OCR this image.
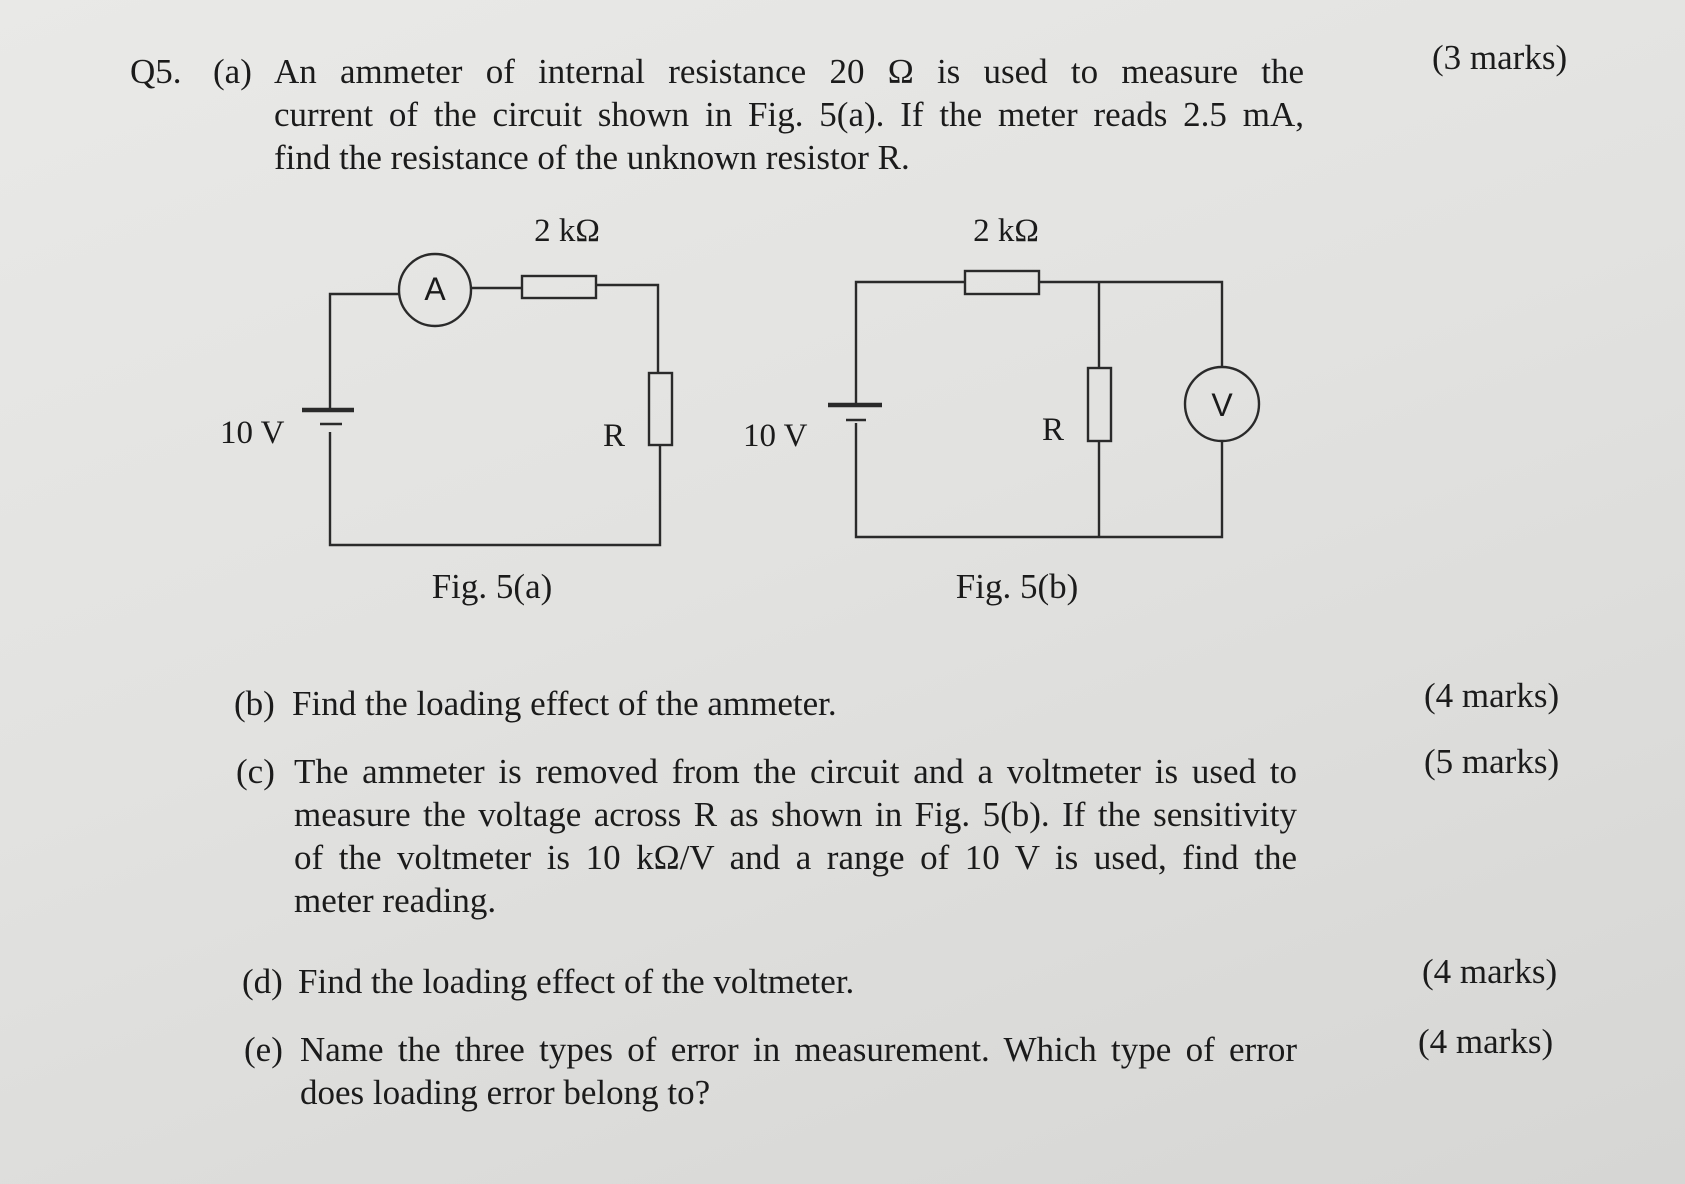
Q5. (a) An ammeter of internal resistance 20 Ω is used to measure the
current of the circuit shown in Fig. 5(a). If the meter reads 2.5 mA,
find the resistance of the unknown resistor R.
(3 marks)
A
2 kΩ
10 V	R
Fig. 5(a)
V
2 kΩ
10 V	R
Fig. 5(b)
(b) Find the loading effect of the ammeter.	(4 marks)
(c) The ammeter is removed from the circuit and a voltmeter is used to
measure the voltage across R as shown in Fig. 5(b). If the sensitivity
of the voltmeter is 10 kΩ/V and a range of 10 V is used, find the
meter reading.
(5 marks)
(d) Find the loading effect of the voltmeter.	(4 marks)
(e) Name the three types of error in measurement. Which type of error
does loading error belong to?
(4 marks)
